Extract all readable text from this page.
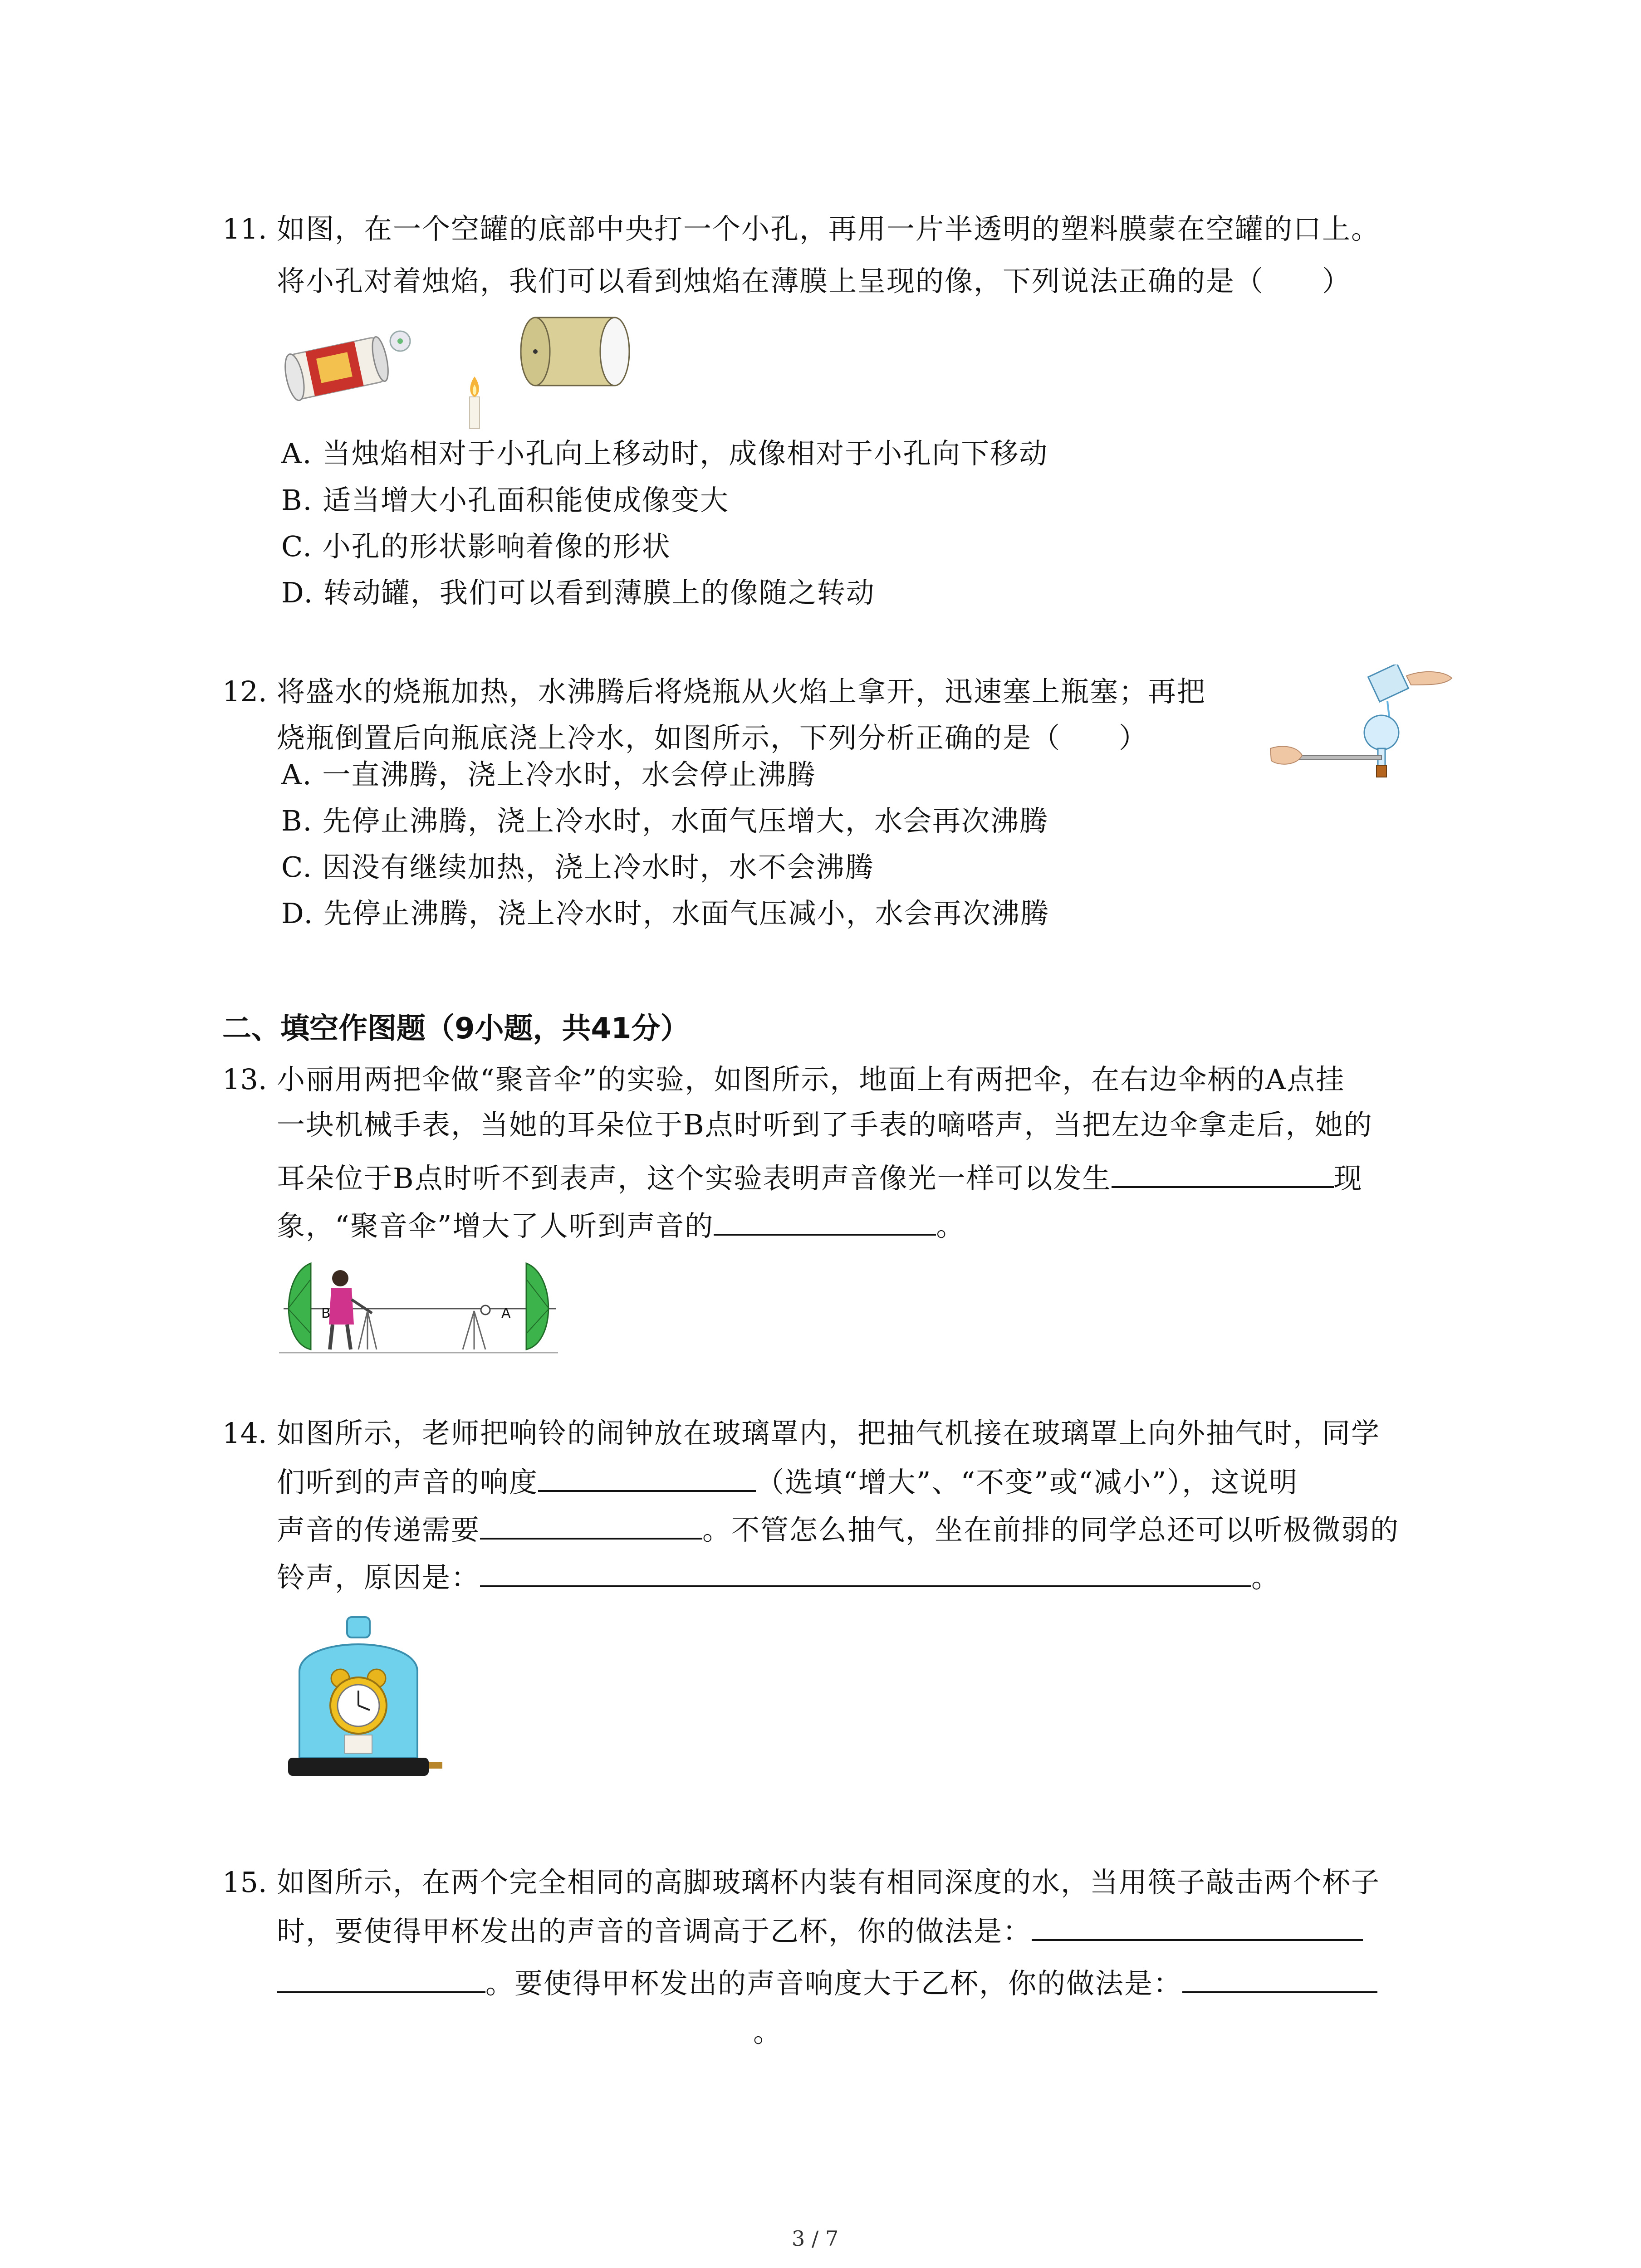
11. 如图，在一个空罐的底部中央打一个小孔，再用一片半透明的塑料膜蒙在空罐的口上。
将小孔对着烛焰，我们可以看到烛焰在薄膜上呈现的像，下列说法正确的是（　　）
A. 当烛焰相对于小孔向上移动时，成像相对于小孔向下移动
B. 适当增大小孔面积能使成像变大
C. 小孔的形状影响着像的形状
D. 转动罐，我们可以看到薄膜上的像随之转动
12. 将盛水的烧瓶加热，水沸腾后将烧瓶从火焰上拿开，迅速塞上瓶塞；再把
烧瓶倒置后向瓶底浇上冷水，如图所示，下列分析正确的是（　　）
A. 一直沸腾，浇上冷水时，水会停止沸腾
B. 先停止沸腾，浇上冷水时，水面气压增大，水会再次沸腾
C. 因没有继续加热，浇上冷水时，水不会沸腾
D. 先停止沸腾，浇上冷水时，水面气压减小，水会再次沸腾
二、填空作图题（9小题，共41分）
13. 小丽用两把伞做“聚音伞”的实验，如图所示，地面上有两把伞，在右边伞柄的A点挂
一块机械手表，当她的耳朵位于B点时听到了手表的嘀嗒声，当把左边伞拿走后，她的
耳朵位于B点时听不到表声，这个实验表明声音像光一样可以发生	现
象，“聚音伞”增大了人听到声音的	。
B	A
14. 如图所示，老师把响铃的闹钟放在玻璃罩内，把抽气机接在玻璃罩上向外抽气时，同学
们听到的声音的响度	（选填“增大”、“不变”或“减小”），这说明
声音的传递需要	。不管怎么抽气，坐在前排的同学总还可以听极微弱的
铃声，原因是：	。
15. 如图所示，在两个完全相同的高脚玻璃杯内装有相同深度的水，当用筷子敲击两个杯子
时，要使得甲杯发出的声音的音调高于乙杯，你的做法是：
。要使得甲杯发出的声音响度大于乙杯，你的做法是：
。
3 / 7
